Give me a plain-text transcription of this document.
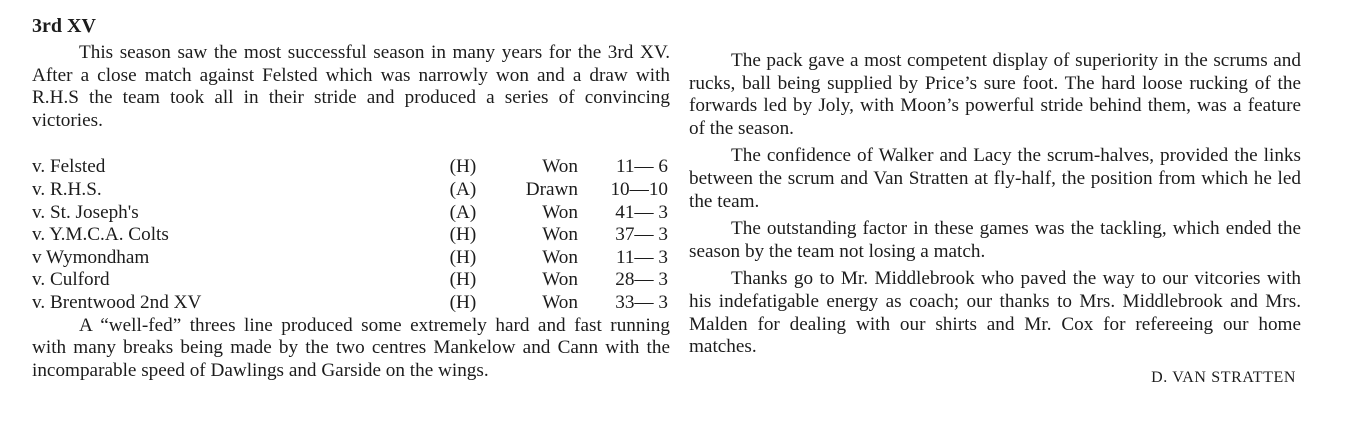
3rd XV

This season saw the most successful season in many years for the 3rd XV. After a close match against Felsted which was narrowly won and a draw with R.H.S the team took all in their stride and produced a series of convincing victories.

v. Felsted	(H)	Won	11— 6
v. R.H.S.	(A)	Drawn	10—10
v. St. Joseph's	(A)	Won	41— 3
v. Y.M.C.A. Colts	(H)	Won	37— 3
v Wymondham	(H)	Won	11— 3
v. Culford	(H)	Won	28— 3
v. Brentwood 2nd XV	(H)	Won	33— 3

A “well-fed” threes line produced some extremely hard and fast running with many breaks being made by the two centres Mankelow and Cann with the incomparable speed of Dawlings and Garside on the wings.

The pack gave a most competent display of superiority in the scrums and rucks, ball being supplied by Price’s sure foot. The hard loose rucking of the forwards led by Joly, with Moon’s powerful stride behind them, was a feature of the season.

The confidence of Walker and Lacy the scrum-halves, provided the links between the scrum and Van Stratten at fly-half, the position from which he led the team.

The outstanding factor in these games was the tackling, which ended the season by the team not losing a match.

Thanks go to Mr. Middlebrook who paved the way to our vitcories with his indefatigable energy as coach; our thanks to Mrs. Middlebrook and Mrs. Malden for dealing with our shirts and Mr. Cox for refereeing our home matches.

D. VAN STRATTEN
